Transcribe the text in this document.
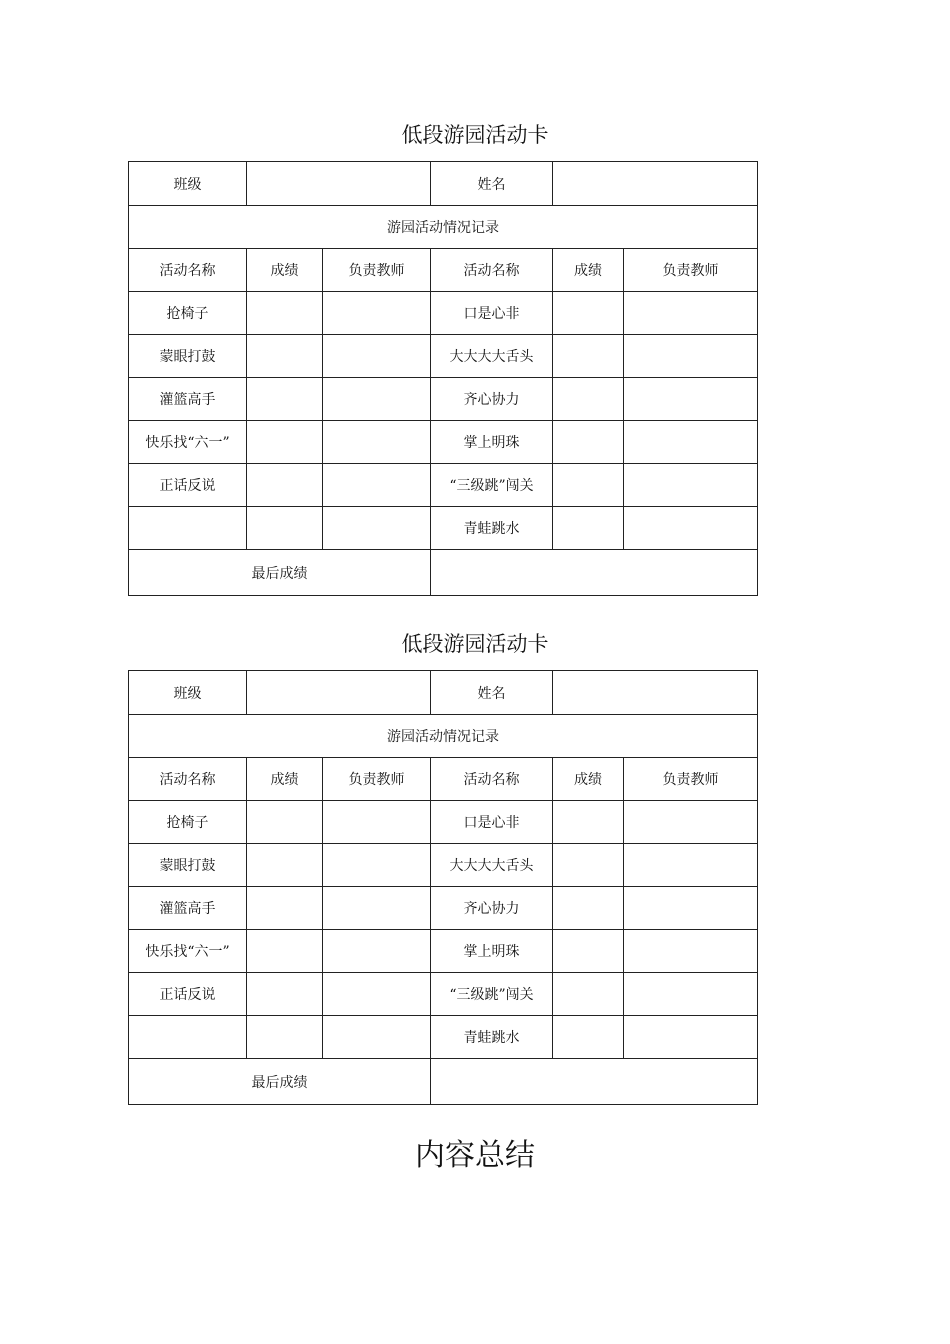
低段游园活动卡
班级			姓名		
游园活动情况记录					
活动名称	成绩	负责教师	活动名称	成绩	负责教师
抢椅子			口是心非		
蒙眼打鼓			大大大大舌头		
灌篮高手			齐心协力		
快乐找“六一”			掌上明珠		
正话反说			“三级跳”闯关		
			青蛙跳水		
最后成绩					
低段游园活动卡
班级			姓名		
游园活动情况记录					
活动名称	成绩	负责教师	活动名称	成绩	负责教师
抢椅子			口是心非		
蒙眼打鼓			大大大大舌头		
灌篮高手			齐心协力		
快乐找“六一”			掌上明珠		
正话反说			“三级跳”闯关		
			青蛙跳水		
最后成绩					
内容总结
